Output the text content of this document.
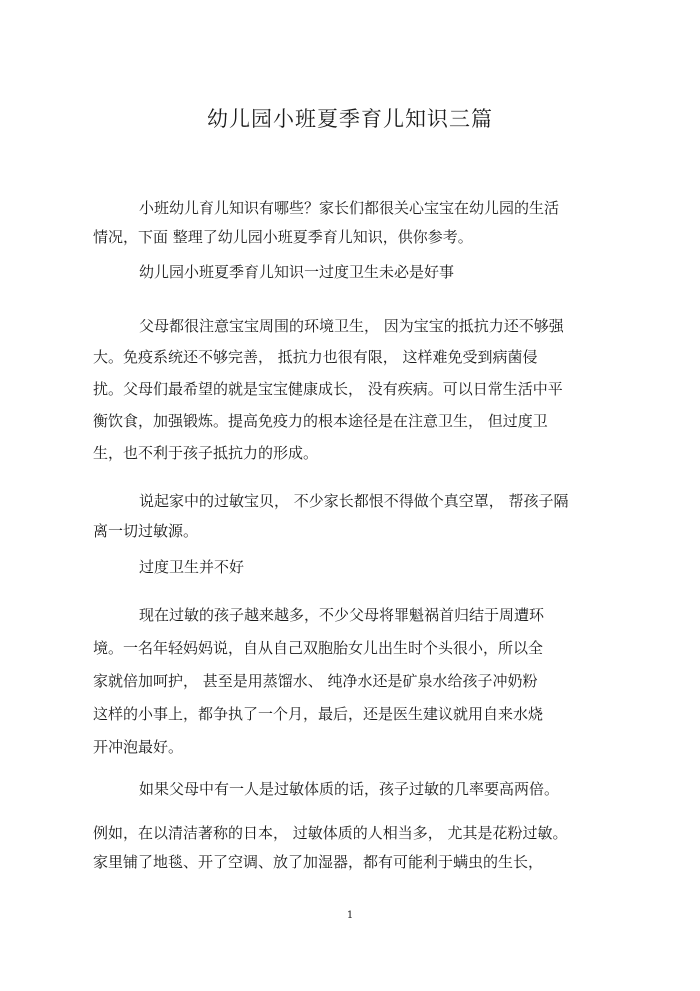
幼儿园小班夏季育儿知识三篇
小班幼儿育儿知识有哪些？家长们都很关心宝宝在幼儿园的生活
情况，下面 整理了幼儿园小班夏季育儿知识，供你参考。
幼儿园小班夏季育儿知识一过度卫生未必是好事
父母都很注意宝宝周围的环境卫生， 因为宝宝的抵抗力还不够强
大。免疫系统还不够完善， 抵抗力也很有限， 这样难免受到病菌侵
扰。父母们最希望的就是宝宝健康成长， 没有疾病。可以日常生活中平
衡饮食，加强锻炼。提高免疫力的根本途径是在注意卫生， 但过度卫
生，也不利于孩子抵抗力的形成。
说起家中的过敏宝贝， 不少家长都恨不得做个真空罩， 帮孩子隔
离一切过敏源。
过度卫生并不好
现在过敏的孩子越来越多，不少父母将罪魁祸首归结于周遭环
境。一名年轻妈妈说，自从自己双胞胎女儿出生时个头很小，所以全
家就倍加呵护， 甚至是用蒸馏水、 纯净水还是矿泉水给孩子冲奶粉
这样的小事上，都争执了一个月，最后，还是医生建议就用自来水烧
开冲泡最好。
如果父母中有一人是过敏体质的话，孩子过敏的几率要高两倍。
例如，在以清洁著称的日本， 过敏体质的人相当多， 尤其是花粉过敏。
家里铺了地毯、开了空调、放了加湿器，都有可能利于螨虫的生长，
1
